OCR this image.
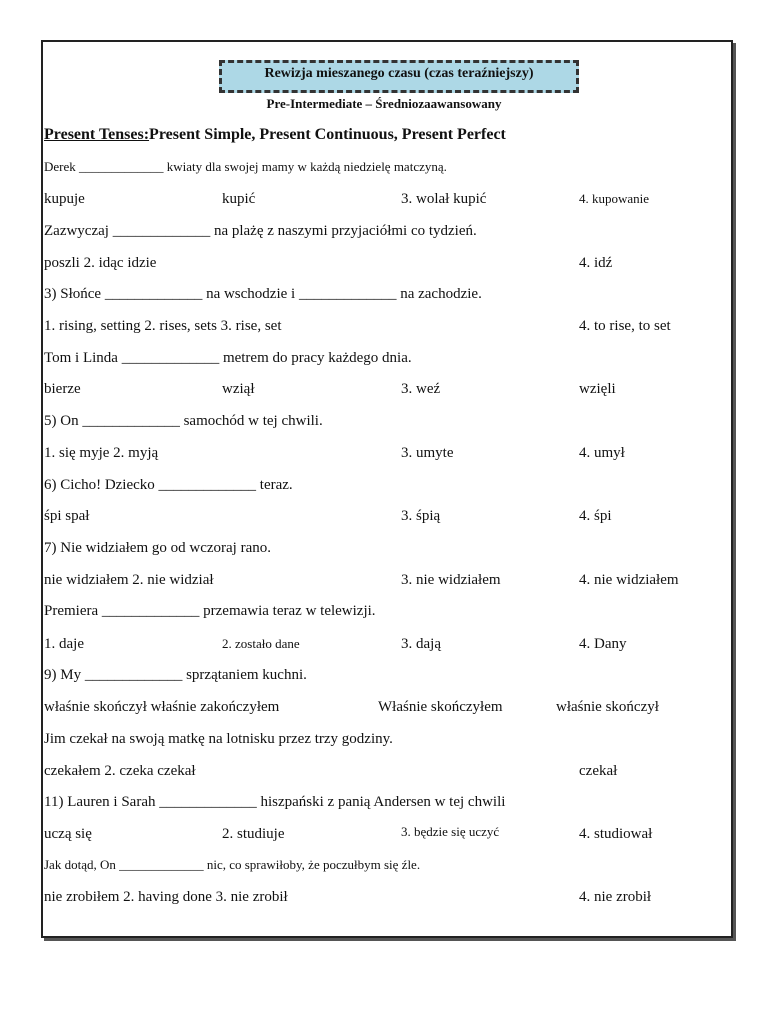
Rewizja mieszanego czasu (czas teraźniejszy)
Pre-Intermediate – Średniozaawansowany
Present Tenses:Present Simple, Present Continuous, Present Perfect
Derek _____________ kwiaty dla swojej mamy w każdą niedzielę matczyną.
kupuje	kupić	3. wolał kupić	4. kupowanie
Zazwyczaj _____________ na plażę z naszymi przyjaciółmi co tydzień.
poszli 2. idąc idzie	4. idź
3) Słońce _____________ na wschodzie i _____________ na zachodzie.
1. rising, setting 2. rises, sets 3. rise, set	4. to rise, to set
Tom i Linda _____________ metrem do pracy każdego dnia.
bierze	wziął	3. weź	wzięli
5) On _____________ samochód w tej chwili.
1. się myje 2. myją	3. umyte	4. umył
6) Cicho! Dziecko _____________ teraz.
śpi spał	3. śpią	4. śpi
7) Nie widziałem go od wczoraj rano.
nie widziałem 2. nie widział	3. nie widziałem	4. nie widziałem
Premiera _____________ przemawia teraz w telewizji.
1. daje	2. zostało dane	3. dają	4. Dany
9) My _____________ sprzątaniem kuchni.
właśnie skończył właśnie zakończyłem	Właśnie skończyłem	właśnie skończył
Jim czekał na swoją matkę na lotnisku przez trzy godziny.
czekałem 2. czeka czekał	czekał
11) Lauren i Sarah _____________ hiszpański z panią Andersen w tej chwili
uczą się	2. studiuje	3. będzie się uczyć	4. studiował
Jak dotąd, On _____________ nic, co sprawiłoby, że poczułbym się źle.
nie zrobiłem 2. having done 3. nie zrobił	4. nie zrobił
